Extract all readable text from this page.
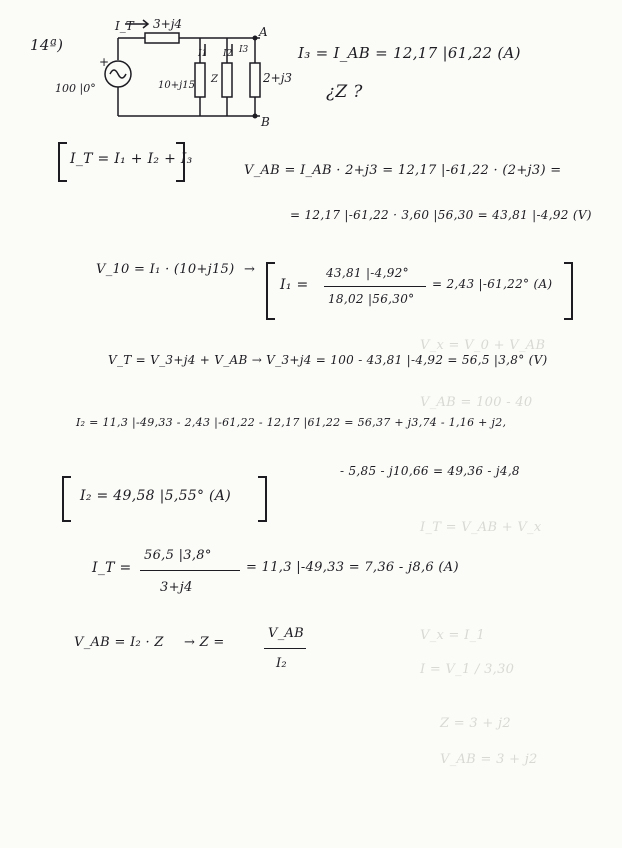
V_x = V_0 + V_AB
V_AB = 100 - 40
I_T = V_AB + V_x
V_x = I_1
I = V_1 / 3,30
Z = 3 + j2
V_AB = 3 + j2
14ª)
I_T 3+j4
+
100 |0°	10+j15
I1
Z
I2
2+j3
I3
A
B
I₃ = I_AB = 12,17 |61,22 (A)
¿Z ?
I_T = I₁ + I₂ + I₃
V_AB = I_AB · 2+j3 = 12,17 |-61,22 · (2+j3) =
= 12,17 |-61,22 · 3,60 |56,30 = 43,81 |-4,92 (V)
V_10 = I₁ · (10+j15) →
I₁ =
43,81 |-4,92°
18,02 |56,30°
= 2,43 |-61,22° (A)
V_T = V_3+j4 + V_AB → V_3+j4 = 100 - 43,81 |-4,92 = 56,5 |3,8° (V)
I₂ = 11,3 |-49,33 - 2,43 |-61,22 - 12,17 |61,22 = 56,37 + j3,74 - 1,16 + j2,
- 5,85 - j10,66 = 49,36 - j4,8
I₂ = 49,58 |5,55° (A)
I_T =
56,5 |3,8°
3+j4
= 11,3 |-49,33 = 7,36 - j8,6 (A)
V_AB = I₂ · Z → Z =
V_AB
I₂
